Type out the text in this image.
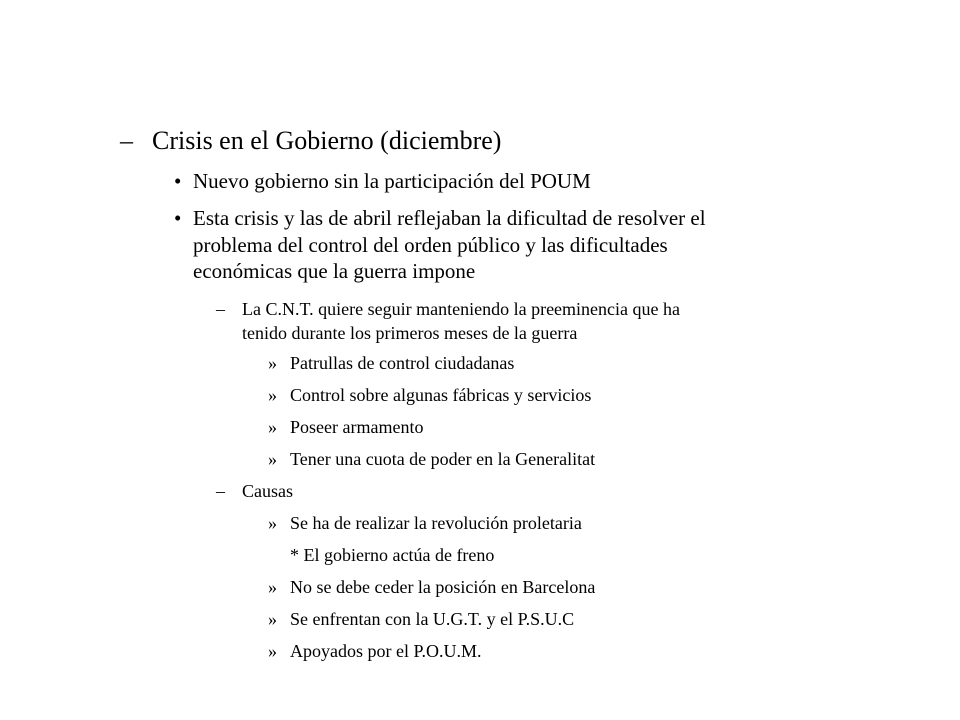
– Crisis en el Gobierno (diciembre)
• Nuevo gobierno sin la participación del POUM
• Esta crisis y las de abril reflejaban la dificultad de resolver el
problema del control del orden público y las dificultades
económicas que la guerra impone
– La C.N.T. quiere seguir manteniendo la preeminencia que ha
tenido durante los primeros meses de la guerra
» Patrullas de control ciudadanas
» Control sobre algunas fábricas y servicios
» Poseer armamento
» Tener una cuota de poder en la Generalitat
– Causas
» Se ha de realizar la revolución proletaria
* El gobierno actúa de freno
» No se debe ceder la posición en Barcelona
» Se enfrentan con la U.G.T. y el P.S.U.C
» Apoyados por el P.O.U.M.
